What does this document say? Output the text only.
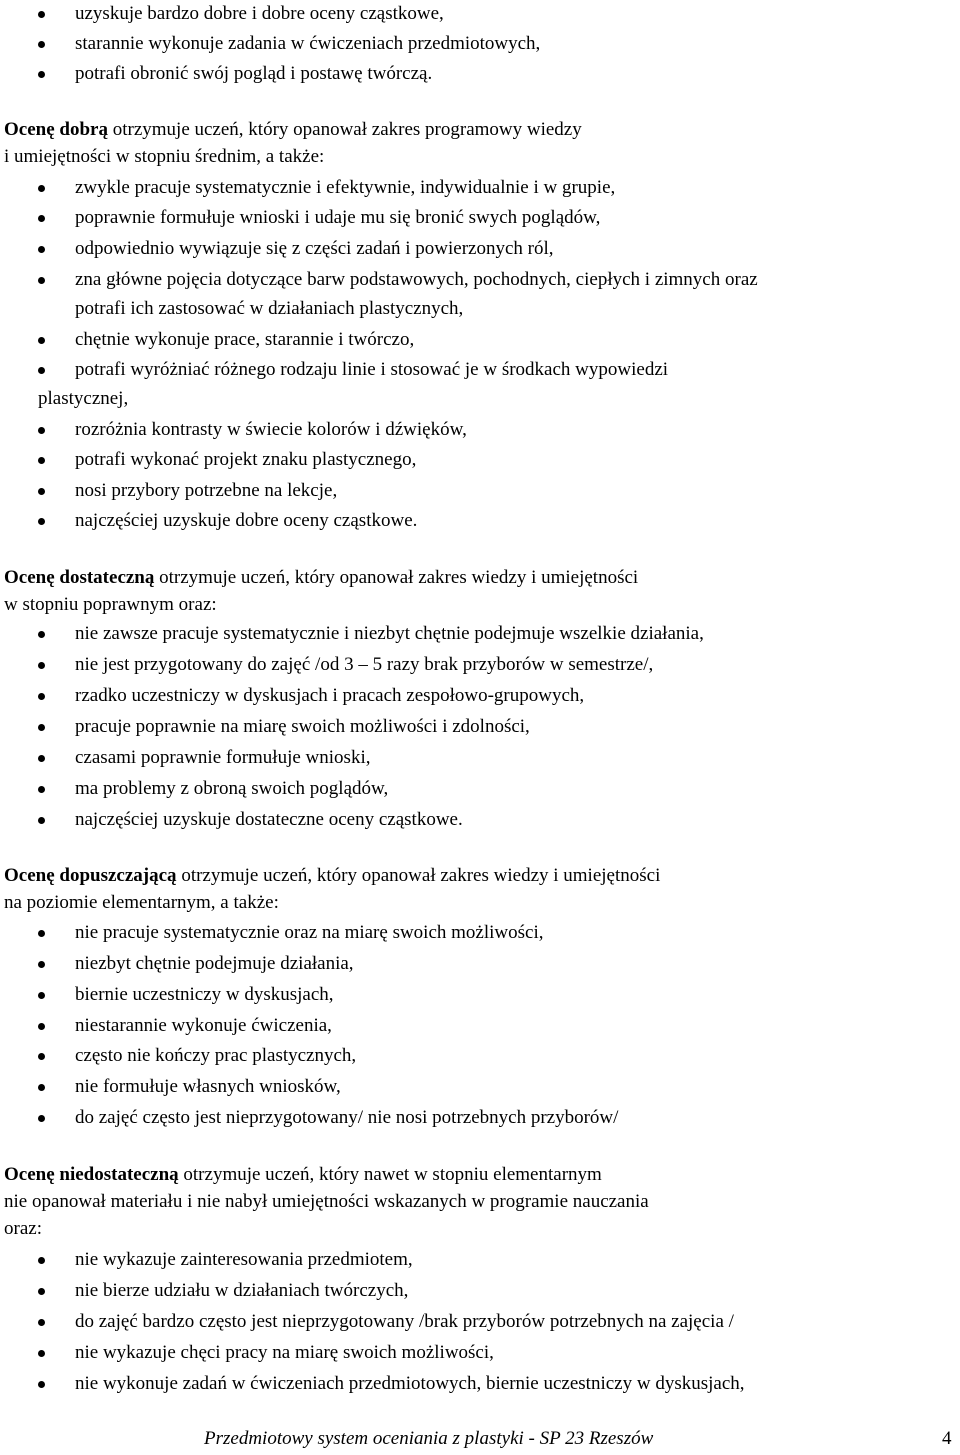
uzyskuje bardzo dobre i dobre oceny cząstkowe,
starannie wykonuje zadania w ćwiczeniach przedmiotowych,
potrafi obronić swój pogląd i postawę twórczą.
Ocenę dobrą otrzymuje uczeń, który opanował zakres programowy wiedzy
i umiejętności w stopniu średnim, a także:
zwykle pracuje systematycznie i efektywnie, indywidualnie i w grupie,
poprawnie formułuje wnioski i udaje mu się bronić swych poglądów,
odpowiednio wywiązuje się z części zadań i powierzonych ról,
zna główne pojęcia dotyczące barw podstawowych, pochodnych, ciepłych i zimnych oraz
potrafi ich zastosować w działaniach plastycznych,
chętnie wykonuje prace, starannie i twórczo,
potrafi wyróżniać różnego rodzaju linie i stosować je w środkach wypowiedzi
plastycznej,
rozróżnia kontrasty w świecie kolorów i dźwięków,
potrafi wykonać projekt znaku plastycznego,
nosi przybory potrzebne na lekcje,
najczęściej uzyskuje dobre oceny cząstkowe.
Ocenę dostateczną otrzymuje uczeń, który opanował zakres wiedzy i umiejętności
w stopniu poprawnym oraz:
nie zawsze pracuje systematycznie i niezbyt chętnie podejmuje wszelkie działania,
nie jest przygotowany do zajęć /od 3 – 5 razy brak przyborów w semestrze/,
rzadko uczestniczy w dyskusjach i pracach zespołowo-grupowych,
pracuje poprawnie na miarę swoich możliwości i zdolności,
czasami poprawnie formułuje wnioski,
ma problemy z obroną swoich poglądów,
najczęściej uzyskuje dostateczne oceny cząstkowe.
Ocenę dopuszczającą otrzymuje uczeń, który opanował zakres wiedzy i umiejętności
na poziomie elementarnym, a także:
nie pracuje systematycznie oraz na miarę swoich możliwości,
niezbyt chętnie podejmuje działania,
biernie uczestniczy w dyskusjach,
niestarannie wykonuje ćwiczenia,
często nie kończy prac plastycznych,
nie formułuje własnych wniosków,
do zajęć często jest nieprzygotowany/ nie nosi potrzebnych przyborów/
Ocenę niedostateczną otrzymuje uczeń, który nawet w stopniu elementarnym
nie opanował materiału i nie nabył umiejętności wskazanych w programie nauczania
oraz:
nie wykazuje zainteresowania przedmiotem,
nie bierze udziału w działaniach twórczych,
do zajęć bardzo często jest nieprzygotowany /brak przyborów potrzebnych na zajęcia /
nie wykazuje chęci pracy na miarę swoich możliwości,
nie wykonuje zadań w ćwiczeniach przedmiotowych, biernie uczestniczy w dyskusjach,
Przedmiotowy system oceniania z plastyki - SP 23 Rzeszów	4
